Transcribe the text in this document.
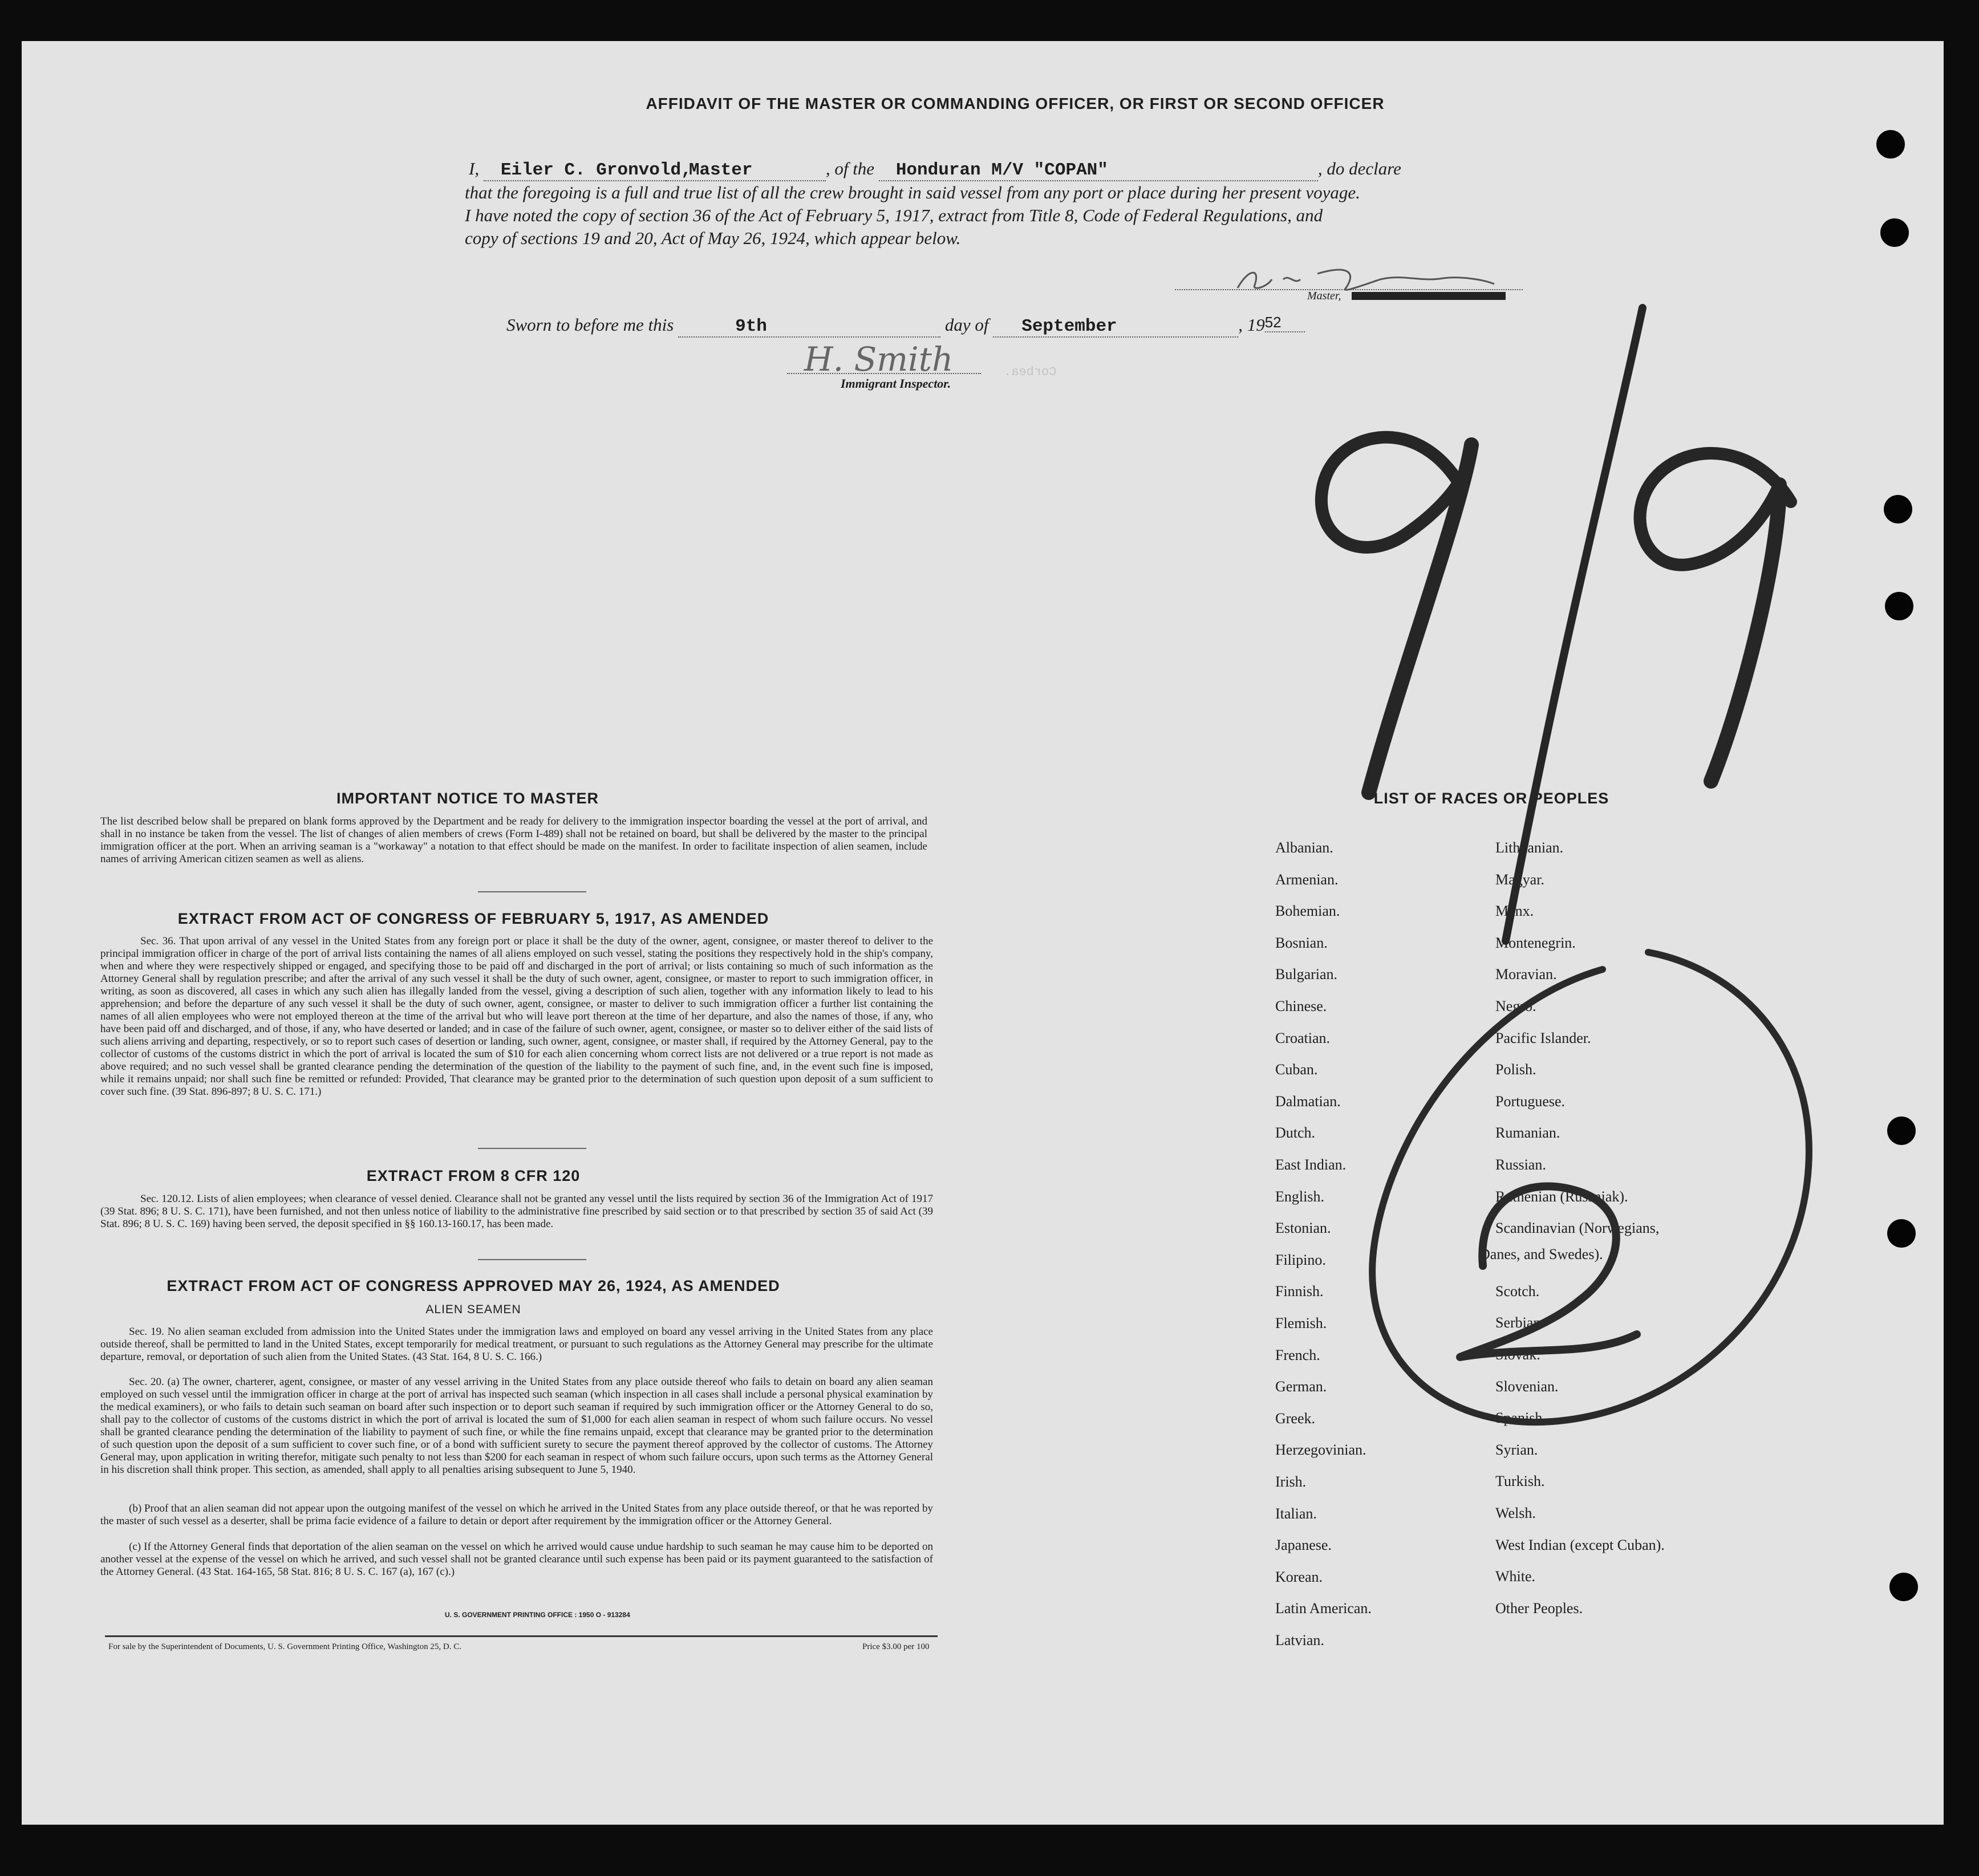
Corbea.
AFFIDAVIT OF THE MASTER OR COMMANDING OFFICER, OR FIRST OR SECOND OFFICER
I, Eiler C. Gronvold,Master	, of the Honduran M/V "COPAN"	, do declare
that the foregoing is a full and true list of all the crew brought in said vessel from any port or place during her present voyage.
I have noted the copy of section 36 of the Act of February 5, 1917, extract from Title 8, Code of Federal Regulations, and
copy of sections 19 and 20, Act of May 26, 1924, which appear below.
Master,
Sworn to before me this	9th	day of September	, 1952
H. Smith
Immigrant Inspector.
IMPORTANT NOTICE TO MASTER
The list described below shall be prepared on blank forms approved by the Department and be ready for delivery to the immigration inspector boarding the vessel at the port of arrival, and shall in no instance be taken from the vessel. The list of changes of alien members of crews (Form I-489) shall not be retained on board, but shall be delivered by the master to the principal immigration officer at the port. When an arriving seaman is a "workaway" a notation to that effect should be made on the manifest. In order to facilitate inspection of alien seamen, include names of arriving American citizen seamen as well as aliens.
EXTRACT FROM ACT OF CONGRESS OF FEBRUARY 5, 1917, AS AMENDED
Sec. 36. That upon arrival of any vessel in the United States from any foreign port or place it shall be the duty of the owner, agent, consignee, or master thereof to deliver to the principal immigration officer in charge of the port of arrival lists containing the names of all aliens employed on such vessel, stating the positions they respectively hold in the ship's company, when and where they were respectively shipped or engaged, and specifying those to be paid off and discharged in the port of arrival; or lists containing so much of such information as the Attorney General shall by regulation prescribe; and after the arrival of any such vessel it shall be the duty of such owner, agent, consignee, or master to report to such immigration officer, in writing, as soon as discovered, all cases in which any such alien has illegally landed from the vessel, giving a description of such alien, together with any information likely to lead to his apprehension; and before the departure of any such vessel it shall be the duty of such owner, agent, consignee, or master to deliver to such immigration officer a further list containing the names of all alien employees who were not employed thereon at the time of the arrival but who will leave port thereon at the time of her departure, and also the names of those, if any, who have been paid off and discharged, and of those, if any, who have deserted or landed; and in case of the failure of such owner, agent, consignee, or master so to deliver either of the said lists of such aliens arriving and departing, respectively, or so to report such cases of desertion or landing, such owner, agent, consignee, or master shall, if required by the Attorney General, pay to the collector of customs of the customs district in which the port of arrival is located the sum of $10 for each alien concerning whom correct lists are not delivered or a true report is not made as above required; and no such vessel shall be granted clearance pending the determination of the question of the liability to the payment of such fine, and, in the event such fine is imposed, while it remains unpaid; nor shall such fine be remitted or refunded: Provided, That clearance may be granted prior to the determination of such question upon deposit of a sum sufficient to cover such fine. (39 Stat. 896-897; 8 U. S. C. 171.)
EXTRACT FROM 8 CFR 120
Sec. 120.12. Lists of alien employees; when clearance of vessel denied. Clearance shall not be granted any vessel until the lists required by section 36 of the Immigration Act of 1917 (39 Stat. 896; 8 U. S. C. 171), have been furnished, and not then unless notice of liability to the administrative fine prescribed by said section or to that prescribed by section 35 of said Act (39 Stat. 896; 8 U. S. C. 169) having been served, the deposit specified in §§ 160.13-160.17, has been made.
EXTRACT FROM ACT OF CONGRESS APPROVED MAY 26, 1924, AS AMENDED
ALIEN SEAMEN
Sec. 19. No alien seaman excluded from admission into the United States under the immigration laws and employed on board any vessel arriving in the United States from any place outside thereof, shall be permitted to land in the United States, except temporarily for medical treatment, or pursuant to such regulations as the Attorney General may prescribe for the ultimate departure, removal, or deportation of such alien from the United States. (43 Stat. 164, 8 U. S. C. 166.)
Sec. 20. (a) The owner, charterer, agent, consignee, or master of any vessel arriving in the United States from any place outside thereof who fails to detain on board any alien seaman employed on such vessel until the immigration officer in charge at the port of arrival has inspected such seaman (which inspection in all cases shall include a personal physical examination by the medical examiners), or who fails to detain such seaman on board after such inspection or to deport such seaman if required by such immigration officer or the Attorney General to do so, shall pay to the collector of customs of the customs district in which the port of arrival is located the sum of $1,000 for each alien seaman in respect of whom such failure occurs. No vessel shall be granted clearance pending the determination of the liability to payment of such fine, or while the fine remains unpaid, except that clearance may be granted prior to the determination of such question upon the deposit of a sum sufficient to cover such fine, or of a bond with sufficient surety to secure the payment thereof approved by the collector of customs. The Attorney General may, upon application in writing therefor, mitigate such penalty to not less than $200 for each seaman in respect of whom such failure occurs, upon such terms as the Attorney General in his discretion shall think proper. This section, as amended, shall apply to all penalties arising subsequent to June 5, 1940.
(b) Proof that an alien seaman did not appear upon the outgoing manifest of the vessel on which he arrived in the United States from any place outside thereof, or that he was reported by the master of such vessel as a deserter, shall be prima facie evidence of a failure to detain or deport after requirement by the immigration officer or the Attorney General.
(c) If the Attorney General finds that deportation of the alien seaman on the vessel on which he arrived would cause undue hardship to such seaman he may cause him to be deported on another vessel at the expense of the vessel on which he arrived, and such vessel shall not be granted clearance until such expense has been paid or its payment guaranteed to the satisfaction of the Attorney General. (43 Stat. 164-165, 58 Stat. 816; 8 U. S. C. 167 (a), 167 (c).)
U. S. GOVERNMENT PRINTING OFFICE : 1950 O - 913284
For sale by the Superintendent of Documents, U. S. Government Printing Office, Washington 25, D. C.	Price $3.00 per 100
LIST OF RACES OR PEOPLES
Albanian.
Armenian.
Bohemian.
Bosnian.
Bulgarian.
Chinese.
Croatian.
Cuban.
Dalmatian.
Dutch.
East Indian.
English.
Estonian.
Filipino.
Finnish.
Flemish.
French.
German.
Greek.
Herzegovinian.
Irish.
Italian.
Japanese.
Korean.
Latin American.
Latvian.
Lithuanian.
Magyar.
Manx.
Montenegrin.
Moravian.
Negro.
Pacific Islander.
Polish.
Portuguese.
Rumanian.
Russian.
Ruthenian (Russniak).
Scandinavian (Norwegians,
Scotch.
Serbian.
Slovak.
Slovenian.
Spanish.
Syrian.
Turkish.
Welsh.
West Indian (except Cuban).
White.
Other Peoples.
Danes, and Swedes).
